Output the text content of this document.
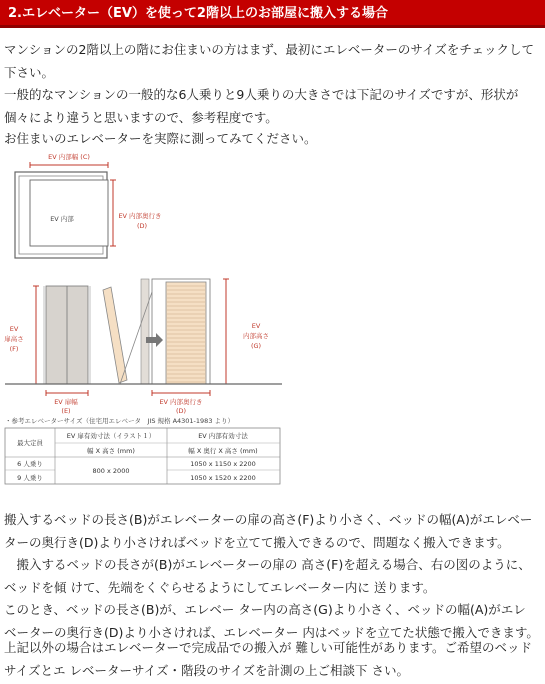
2.エレベーター（EV）を使って2階以上のお部屋に搬入する場合

マンションの2階以上の階にお住まいの方はまず、最初にエレベーターのサイズをチェックして下さい。

一般的なマンションの一般的な6人乗りと9人乗りの大きさでは下記のサイズですが、形状が個々により違うと思いますので、参考程度です。

お住まいのエレベーターを実際に測ってみてください。

EV 内部幅 (C)
EV 内部	EV 内部奥行き
(D)
EV
扉高さ
(F)
EV 扉幅
(E)
EV
内部高さ
(G)
EV 内部奥行き
(D)
・参考エレベーターサイズ（住宅用エレベータ　JIS 規格 A4301-1983 より）
最大定員
EV 扉有効寸法（イラスト１）
幅 X 高さ (mm)
EV 内部有効寸法
幅 X 奥行 X 高さ (mm)
6 人乗り
9 人乗り
800 x 2000
1050 x 1150 x 2200
1050 x 1520 x 2200

搬入するベッドの長さ(B)がエレベーターの扉の高さ(F)より小さく、ベッドの幅(A)がエレベーターの奥行き(D)より小さければベッドを立てて搬入できるので、問題なく搬入できます。

　搬入するベッドの長さが(B)がエレベーターの扉の 高さ(F)を超える場合、右の図のように、ベッドを傾 けて、先端をくぐらせるようにしてエレベーター内に 送ります。

このとき、ベッドの長さ(B)が、エレベー ター内の高さ(G)より小さく、ベッドの幅(A)がエレ ベーターの奥行き(D)より小さければ、エレベーター 内はベッドを立てた状態で搬入できます。

上記以外の場合はエレベーターで完成品での搬入が 難しい可能性があります。ご希望のベッドサイズとエ レベーターサイズ・階段のサイズを計測の上ご相談下 さい。
